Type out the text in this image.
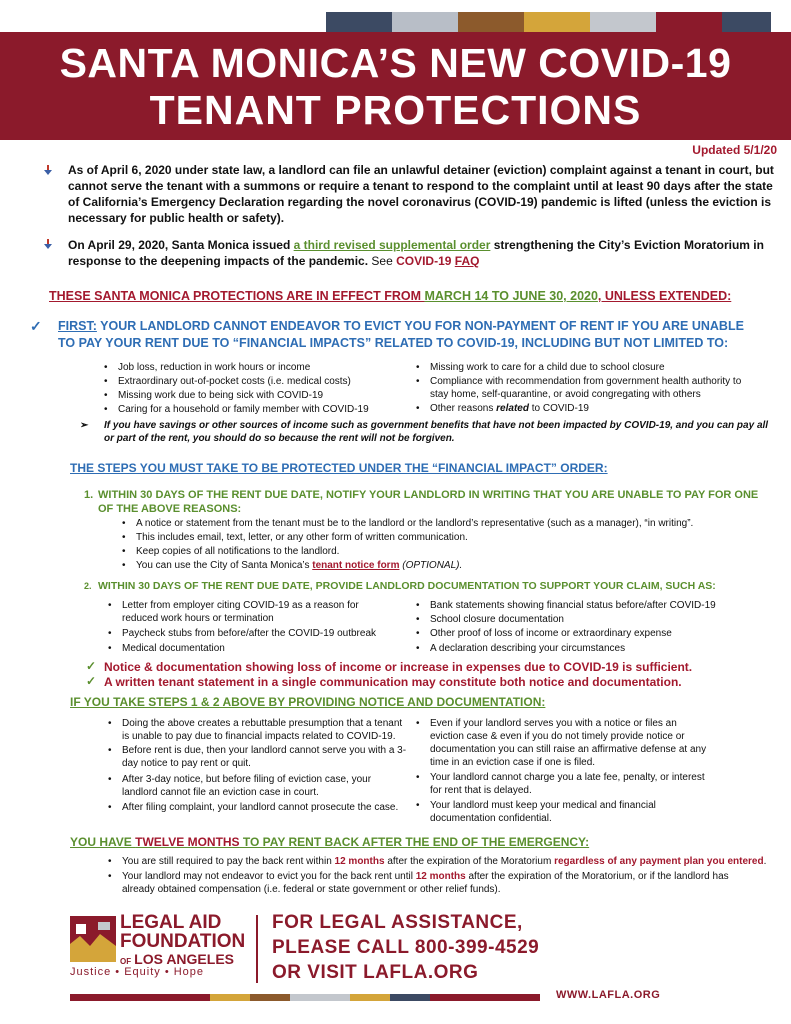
SANTA MONICA’S NEW COVID-19
TENANT PROTECTIONS
Updated 5/1/20
As of April 6, 2020 under state law, a landlord can file an unlawful detainer (eviction) complaint against a tenant in court, but cannot serve the tenant with a summons or require a tenant to respond to the complaint until at least 90 days after the state of California’s Emergency Declaration regarding the novel coronavirus (COVID-19) pandemic is lifted (unless the eviction is necessary for public health or safety).
On April 29, 2020, Santa Monica issued a third revised supplemental order strengthening the City’s Eviction Moratorium in response to the deepening impacts of the pandemic. See COVID-19 FAQ
THESE SANTA MONICA PROTECTIONS ARE IN EFFECT FROM MARCH 14 TO JUNE 30, 2020, UNLESS EXTENDED:
✓ FIRST: YOUR LANDLORD CANNOT ENDEAVOR TO EVICT YOU FOR NON-PAYMENT OF RENT IF YOU ARE UNABLE
TO PAY YOUR RENT DUE TO “FINANCIAL IMPACTS” RELATED TO COVID-19, INCLUDING BUT NOT LIMITED TO:
• Job loss, reduction in work hours or income
• Extraordinary out-of-pocket costs (i.e. medical costs)
• Missing work due to being sick with COVID-19
• Caring for a household or family member with COVID-19
• Missing work to care for a child due to school closure
• Compliance with recommendation from government health authority to
stay home, self-quarantine, or avoid congregating with others
• Other reasons related to COVID-19
➢ If you have savings or other sources of income such as government benefits that have not been impacted by COVID-19, and you can pay all or part of the rent, you should do so because the rent will not be forgiven.
THE STEPS YOU MUST TAKE TO BE PROTECTED UNDER THE “FINANCIAL IMPACT” ORDER:
1. WITHIN 30 DAYS OF THE RENT DUE DATE, NOTIFY YOUR LANDLORD IN WRITING THAT YOU ARE UNABLE TO PAY FOR ONE
OF THE ABOVE REASONS:
• A notice or statement from the tenant must be to the landlord or the landlord’s representative (such as a manager), “in writing”.
• This includes email, text, letter, or any other form of written communication.
• Keep copies of all notifications to the landlord.
• You can use the City of Santa Monica’s tenant notice form (OPTIONAL).
2. WITHIN 30 DAYS OF THE RENT DUE DATE, PROVIDE LANDLORD DOCUMENTATION TO SUPPORT YOUR CLAIM, SUCH AS:
• Letter from employer citing COVID-19 as a reason for
reduced work hours or termination
• Paycheck stubs from before/after the COVID-19 outbreak
• Medical documentation
• Bank statements showing financial status before/after COVID-19
• School closure documentation
• Other proof of loss of income or extraordinary expense
• A declaration describing your circumstances
✓ Notice & documentation showing loss of income or increase in expenses due to COVID-19 is sufficient.
✓ A written tenant statement in a single communication may constitute both notice and documentation.
IF YOU TAKE STEPS 1 & 2 ABOVE BY PROVIDING NOTICE AND DOCUMENTATION:
• Doing the above creates a rebuttable presumption that a tenant
is unable to pay due to financial impacts related to COVID-19.
• Before rent is due, then your landlord cannot serve you with a 3-
day notice to pay rent or quit.
• After 3-day notice, but before filing of eviction case, your
landlord cannot file an eviction case in court.
• After filing complaint, your landlord cannot prosecute the case.
• Even if your landlord serves you with a notice or files an
eviction case & even if you do not timely provide notice or
documentation you can still raise an affirmative defense at any
time in an eviction case if one is filed.
• Your landlord cannot charge you a late fee, penalty, or interest
for rent that is delayed.
• Your landlord must keep your medical and financial
documentation confidential.
YOU HAVE TWELVE MONTHS TO PAY RENT BACK AFTER THE END OF THE EMERGENCY:
• You are still required to pay the back rent within 12 months after the expiration of the Moratorium regardless of any payment plan you entered.
• Your landlord may not endeavor to evict you for the back rent until 12 months after the expiration of the Moratorium, or if the landlord has
already obtained compensation (i.e. federal or state government or other relief funds).
LEGAL AID
FOUNDATION
OF LOS ANGELES
Justice • Equity • Hope
FOR LEGAL ASSISTANCE,
PLEASE CALL 800-399-4529
OR VISIT LAFLA.ORG
WWW.LAFLA.ORG
